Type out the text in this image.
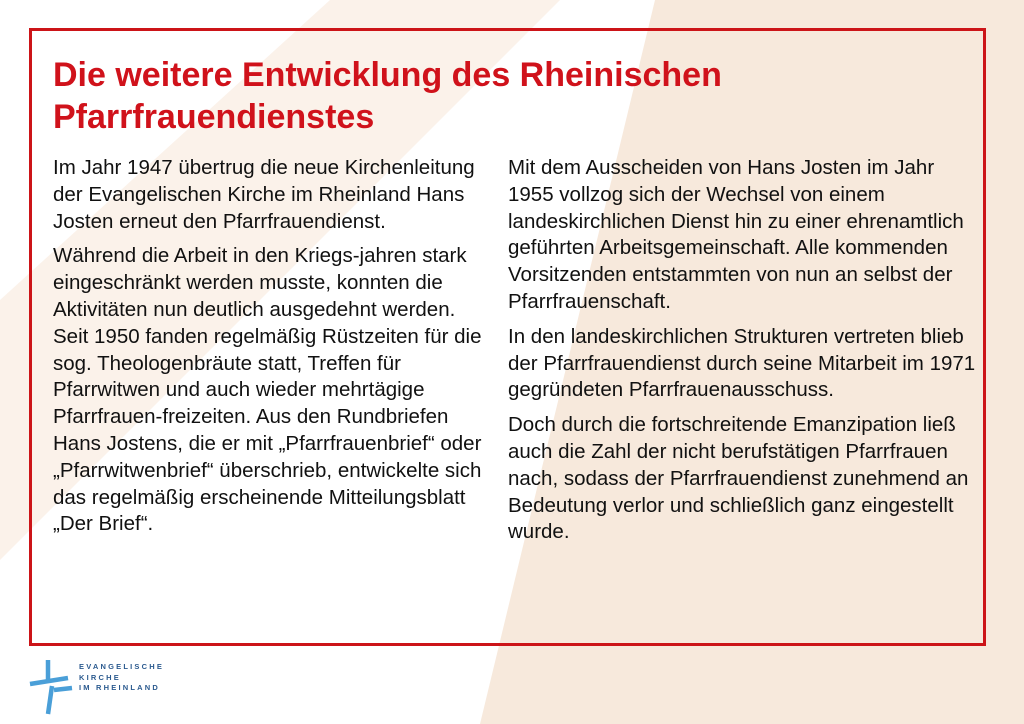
Die weitere Entwicklung des Rheinischen Pfarrfrauendienstes

Im Jahr 1947 übertrug die neue Kirchenleitung der Evangelischen Kirche im Rheinland Hans Josten erneut den Pfarrfrauendienst.

Während die Arbeit in den Kriegs-jahren stark eingeschränkt werden musste, konnten die Aktivitäten nun deutlich ausgedehnt werden. Seit 1950 fanden regelmäßig Rüstzeiten für die sog. Theologenbräute statt, Treffen für Pfarrwitwen und auch wieder mehrtägige Pfarrfrauen-freizeiten. Aus den Rundbriefen Hans Jostens, die er mit „Pfarrfrauenbrief“ oder „Pfarrwitwenbrief“ überschrieb, entwickelte sich das regelmäßig erscheinende Mitteilungsblatt „Der Brief“.

Mit dem Ausscheiden von Hans Josten im Jahr 1955 vollzog sich der Wechsel von einem landeskirchlichen Dienst hin zu einer ehrenamtlich geführten Arbeitsgemeinschaft. Alle kommenden Vorsitzenden entstammten von nun an selbst der Pfarrfrauenschaft.

In den landeskirchlichen Strukturen vertreten blieb der Pfarrfrauendienst durch seine Mitarbeit im 1971 gegründeten Pfarrfrauenausschuss.

Doch durch die fortschreitende Emanzipation ließ auch die Zahl der nicht berufstätigen Pfarrfrauen nach, sodass der Pfarrfrauendienst zunehmend an Bedeutung verlor und schließlich ganz eingestellt wurde.

EVANGELISCHE
KIRCHE
IM RHEINLAND
